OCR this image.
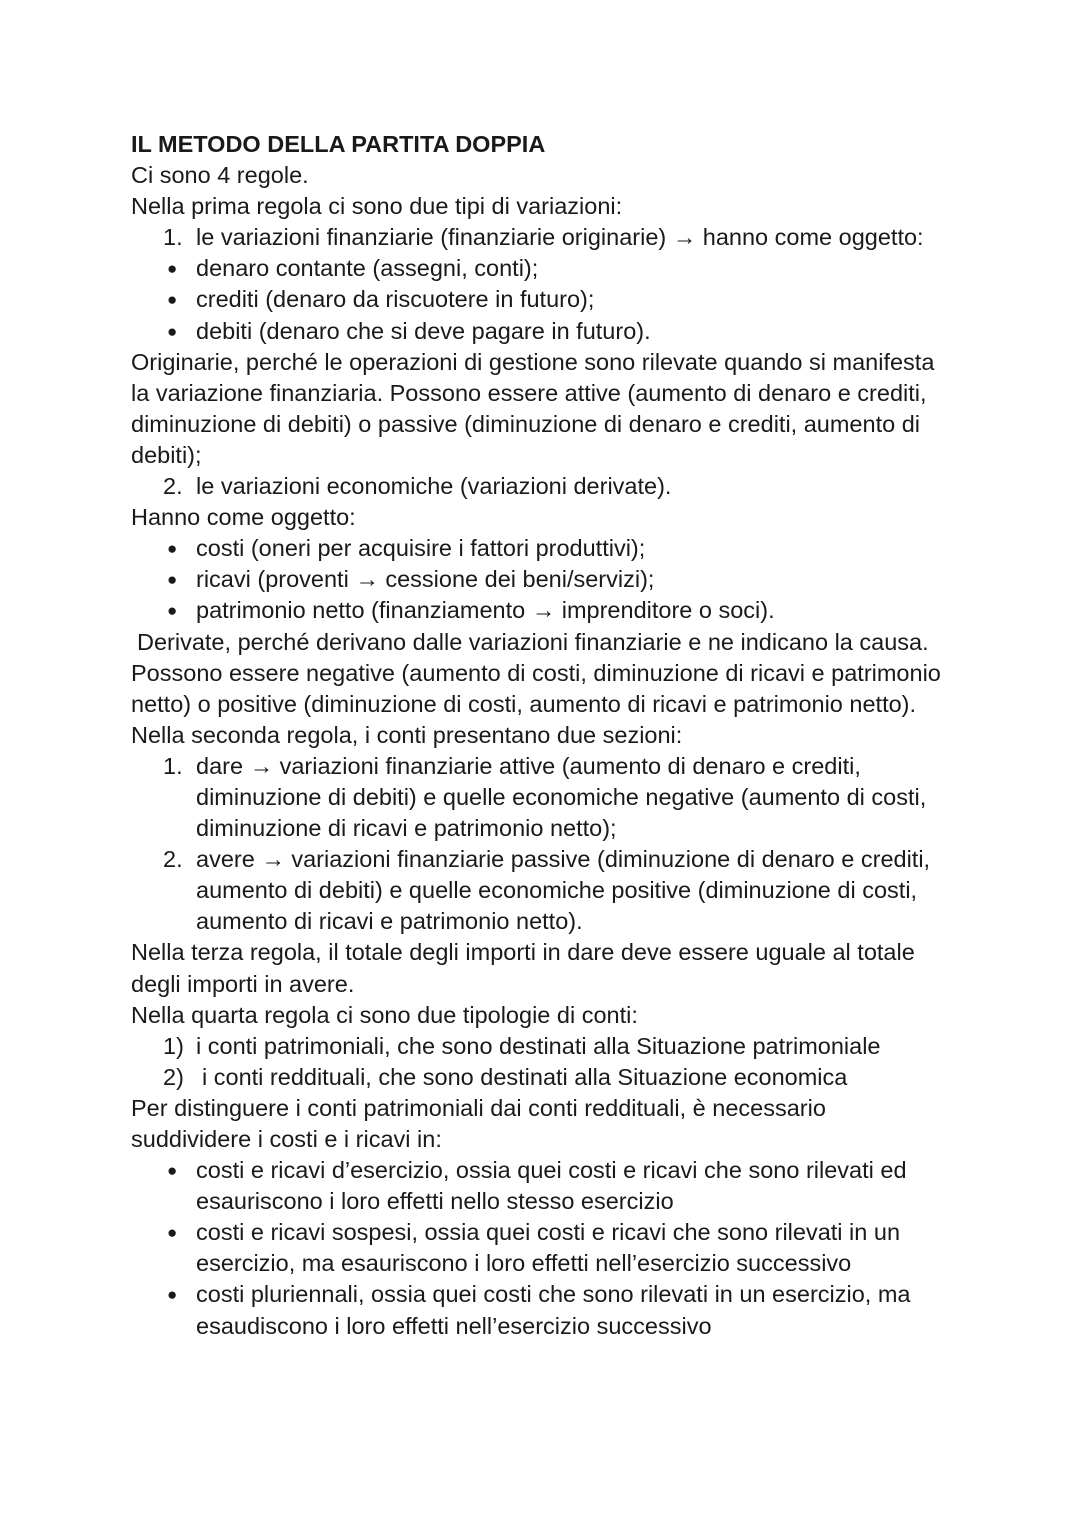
IL METODO DELLA PARTITA DOPPIA
Ci sono 4 regole.
Nella prima regola ci sono due tipi di variazioni:
1. le variazioni finanziarie (finanziarie originarie) → hanno come oggetto:
● denaro contante (assegni, conti);
● crediti (denaro da riscuotere in futuro);
● debiti (denaro che si deve pagare in futuro).
Originarie, perché le operazioni di gestione sono rilevate quando si manifesta
la variazione finanziaria. Possono essere attive (aumento di denaro e crediti,
diminuzione di debiti) o passive (diminuzione di denaro e crediti, aumento di
debiti);
2. le variazioni economiche (variazioni derivate).
Hanno come oggetto:
● costi (oneri per acquisire i fattori produttivi);
● ricavi (proventi → cessione dei beni/servizi);
● patrimonio netto (finanziamento → imprenditore o soci).
Derivate, perché derivano dalle variazioni finanziarie e ne indicano la causa.
Possono essere negative (aumento di costi, diminuzione di ricavi e patrimonio
netto) o positive (diminuzione di costi, aumento di ricavi e patrimonio netto).
Nella seconda regola, i conti presentano due sezioni:
1. dare → variazioni finanziarie attive (aumento di denaro e crediti,
diminuzione di debiti) e quelle economiche negative (aumento di costi,
diminuzione di ricavi e patrimonio netto);
2. avere → variazioni finanziarie passive (diminuzione di denaro e crediti,
aumento di debiti) e quelle economiche positive (diminuzione di costi,
aumento di ricavi e patrimonio netto).
Nella terza regola, il totale degli importi in dare deve essere uguale al totale
degli importi in avere.
Nella quarta regola ci sono due tipologie di conti:
1) i conti patrimoniali, che sono destinati alla Situazione patrimoniale
2) i conti reddituali, che sono destinati alla Situazione economica
Per distinguere i conti patrimoniali dai conti reddituali, è necessario
suddividere i costi e i ricavi in:
● costi e ricavi d’esercizio, ossia quei costi e ricavi che sono rilevati ed
esauriscono i loro effetti nello stesso esercizio
● costi e ricavi sospesi, ossia quei costi e ricavi che sono rilevati in un
esercizio, ma esauriscono i loro effetti nell’esercizio successivo
● costi pluriennali, ossia quei costi che sono rilevati in un esercizio, ma
esaudiscono i loro effetti nell’esercizio successivo
